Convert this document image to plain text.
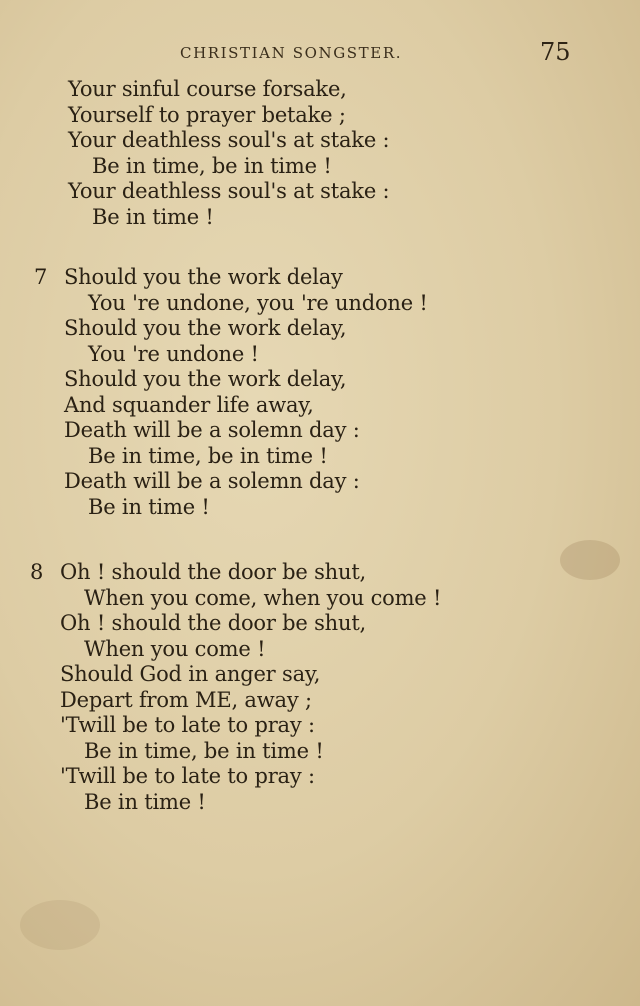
CHRISTIAN SONGSTER.	75
Your sinful course forsake,
Yourself to prayer betake ;
Your deathless soul's at stake :
Be in time, be in time !
Your deathless soul's at stake :
Be in time !
7 Should you the work delay
You 're undone, you 're undone !
Should you the work delay,
You 're undone !
Should you the work delay,
And squander life away,
Death will be a solemn day :
Be in time, be in time !
Death will be a solemn day :
Be in time !
8 Oh ! should the door be shut,
When you come, when you come !
Oh ! should the door be shut,
When you come !
Should God in anger say,
Depart from ME, away ;
'Twill be to late to pray :
Be in time, be in time !
'Twill be to late to pray :
Be in time !
